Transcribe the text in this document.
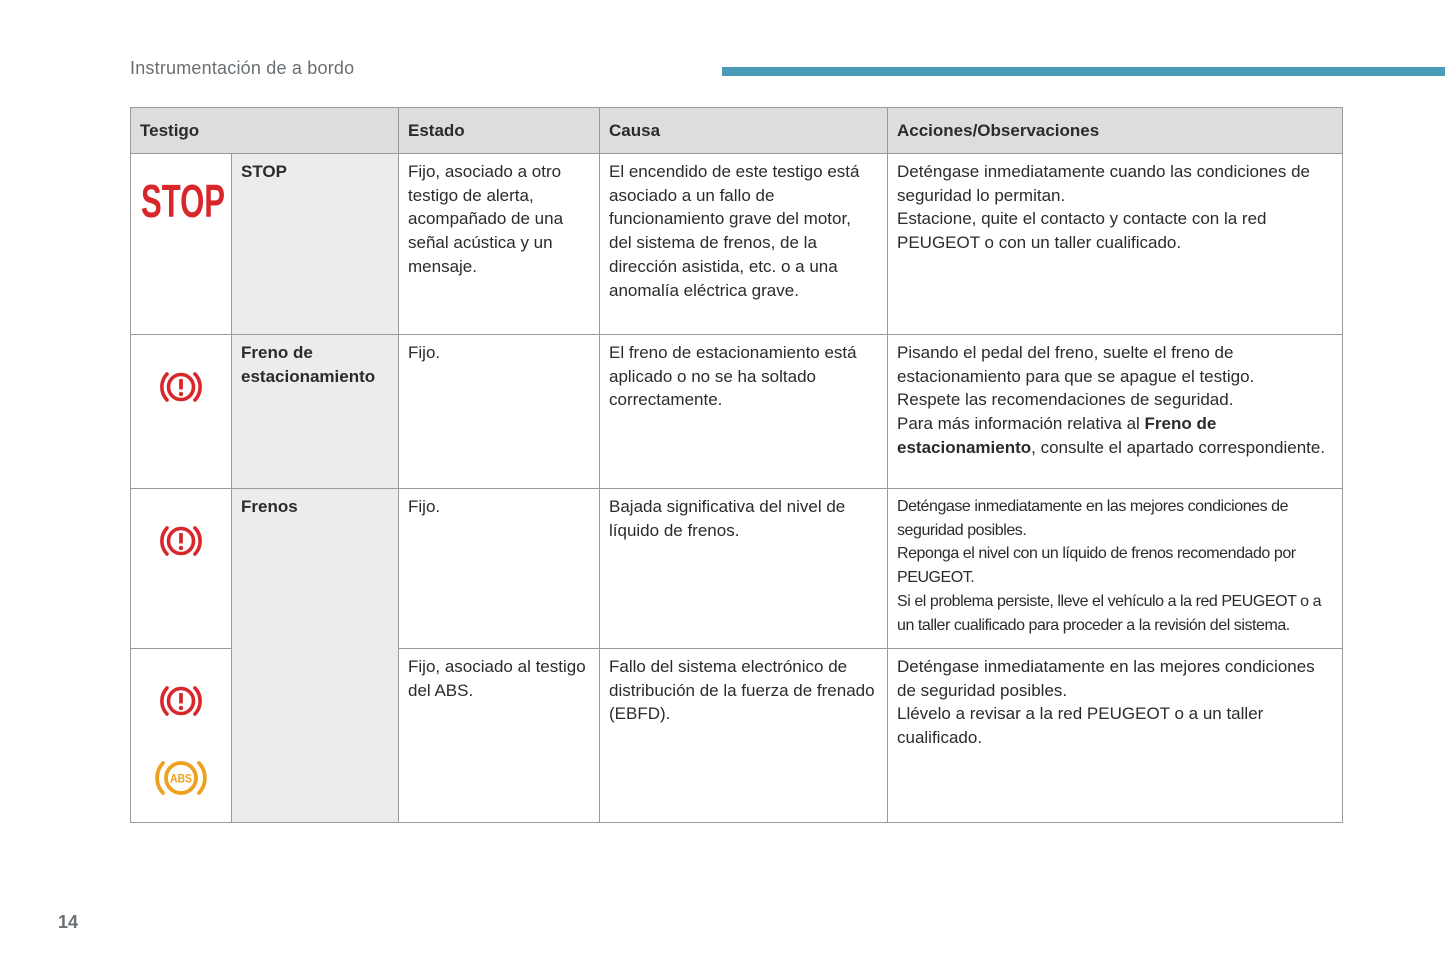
Instrumentación de a bordo
Testigo		Estado	Causa	Acciones/Observaciones

STOP	STOP	Fijo, asociado a otro testigo de alerta, acompañado de una señal acústica y un mensaje.	El encendido de este testigo está asociado a un fallo de funcionamiento grave del motor, del sistema de frenos, de la dirección asistida, etc. o a una anomalía eléctrica grave.	Deténgase inmediatamente cuando las condiciones de seguridad lo permitan.
Estacione, quite el contacto y contacte con la red PEUGEOT o con un taller cualificado.

	Freno de estacionamiento	Fijo.	El freno de estacionamiento está aplicado o no se ha soltado correctamente.	Pisando el pedal del freno, suelte el freno de estacionamiento para que se apague el testigo.
Respete las recomendaciones de seguridad.
Para más información relativa al Freno de estacionamiento, consulte el apartado correspondiente.

	Frenos	Fijo.	Bajada significativa del nivel de líquido de frenos.	Deténgase inmediatamente en las mejores condiciones de seguridad posibles.
Reponga el nivel con un líquido de frenos recomendado por PEUGEOT.
Si el problema persiste, lleve el vehículo a la red PEUGEOT o a un taller cualificado para proceder a la revisión del sistema.

ABS		Fijo, asociado al testigo del ABS.	Fallo del sistema electrónico de distribución de la fuerza de frenado (EBFD).	Deténgase inmediatamente en las mejores condiciones de seguridad posibles.
Llévelo a revisar a la red PEUGEOT o a un taller cualificado.
14
